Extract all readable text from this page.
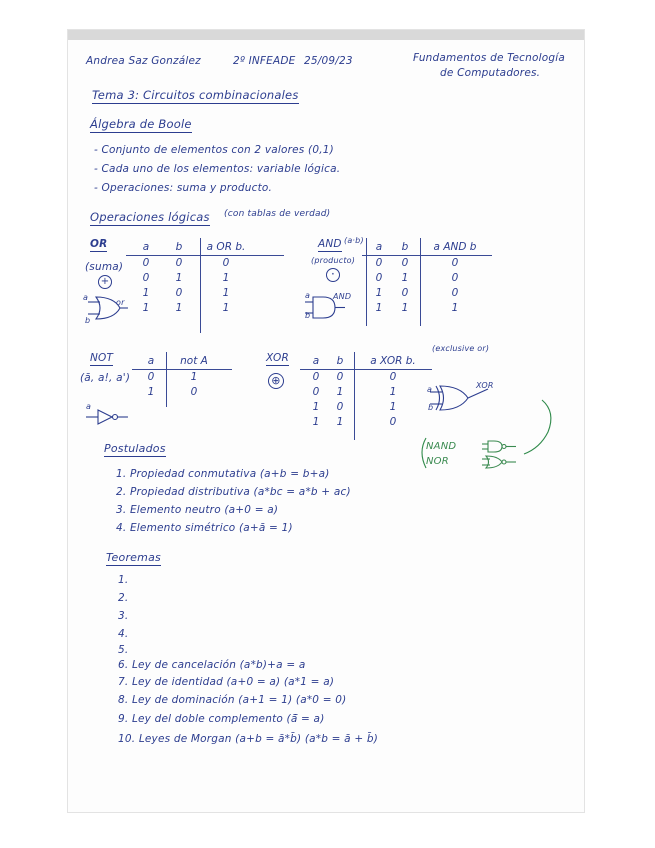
Andrea Saz González	2º INFEADE 25/09/23	Fundamentos de Tecnología
de Computadores.
Tema 3: Circuitos combinacionales
Álgebra de Boole
- Conjunto de elementos con 2 valores (0,1)
- Cada uno de los elementos: variable lógica.
- Operaciones: suma y producto.
Operaciones lógicas (con tablas de verdad)
OR
(suma)
+
a
b
or
a	b	a OR b.
0	0	0
0	1	1
1	0	1
1	1	1
AND (a·b)
(producto)
·
a
b
AND
a	b	a AND b
0	0	0
0	1	0
1	0	0
1	1	1
NOT
(ā, a!, a')
a
a	not A
0	1
1	0
XOR
⊕
(exclusive or)
a	b	a XOR b.
0	0	0
0	1	1
1	0	1
1	1	0
a
b
XOR
NAND
NOR
Postulados
1. Propiedad conmutativa (a+b = b+a)
2. Propiedad distributiva (a*bc = a*b + ac)
3. Elemento neutro (a+0 = a)
4. Elemento simétrico (a+ā = 1)
Teoremas
1.
2.
3.
4.
5.
6. Ley de cancelación (a*b)+a = a
7. Ley de identidad (a+0 = a) (a*1 = a)
8. Ley de dominación (a+1 = 1) (a*0 = 0)
9. Ley del doble complemento (ā̄ = a)
10. Leyes de Morgan (a+b = ā*b̄) (a*b = ā + b̄)
